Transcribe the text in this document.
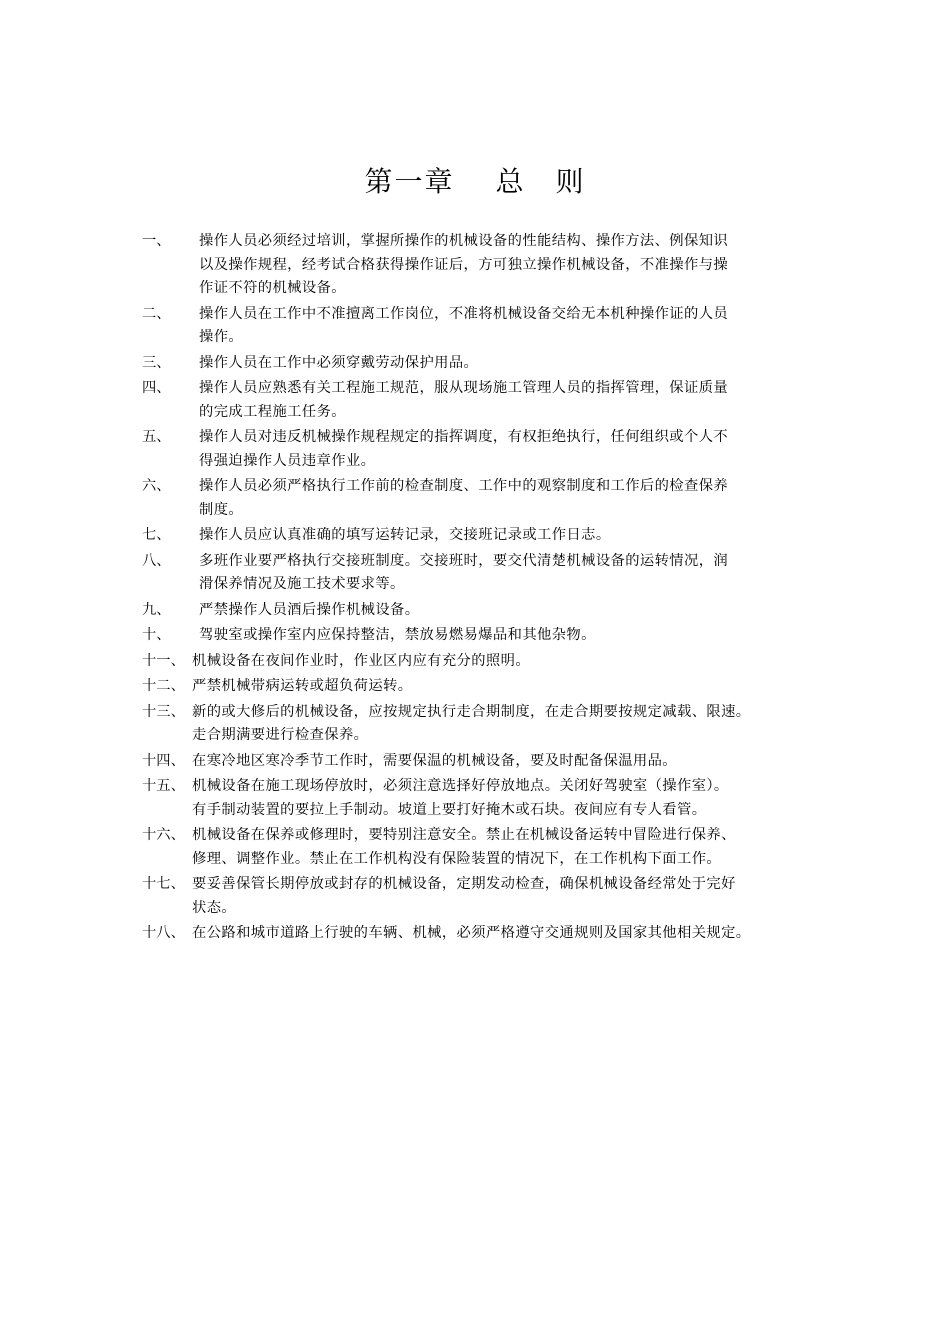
第一章　 总　则
一、	操作人员必须经过培训，掌握所操作的机械设备的性能结构、操作方法、例保知识
以及操作规程，经考试合格获得操作证后，方可独立操作机械设备，不准操作与操
作证不符的机械设备。
二、	操作人员在工作中不准擅离工作岗位，不准将机械设备交给无本机种操作证的人员
操作。
三、	操作人员在工作中必须穿戴劳动保护用品。
四、	操作人员应熟悉有关工程施工规范，服从现场施工管理人员的指挥管理，保证质量
的完成工程施工任务。
五、	操作人员对违反机械操作规程规定的指挥调度，有权拒绝执行，任何组织或个人不
得强迫操作人员违章作业。
六、	操作人员必须严格执行工作前的检查制度、工作中的观察制度和工作后的检查保养
制度。
七、	操作人员应认真准确的填写运转记录，交接班记录或工作日志。
八、	多班作业要严格执行交接班制度。交接班时，要交代清楚机械设备的运转情况，润
滑保养情况及施工技术要求等。
九、	严禁操作人员酒后操作机械设备。
十、	驾驶室或操作室内应保持整洁，禁放易燃易爆品和其他杂物。
十一、 机械设备在夜间作业时，作业区内应有充分的照明。
十二、 严禁机械带病运转或超负荷运转。
十三、 新的或大修后的机械设备，应按规定执行走合期制度，在走合期要按规定减载、限速。
走合期满要进行检查保养。
十四、 在寒冷地区寒冷季节工作时，需要保温的机械设备，要及时配备保温用品。
十五、 机械设备在施工现场停放时，必须注意选择好停放地点。关闭好驾驶室（操作室）。
有手制动装置的要拉上手制动。坡道上要打好掩木或石块。夜间应有专人看管。
十六、 机械设备在保养或修理时，要特别注意安全。禁止在机械设备运转中冒险进行保养、
修理、调整作业。禁止在工作机构没有保险装置的情况下，在工作机构下面工作。
十七、 要妥善保管长期停放或封存的机械设备，定期发动检查，确保机械设备经常处于完好
状态。
十八、 在公路和城市道路上行驶的车辆、机械，必须严格遵守交通规则及国家其他相关规定。
